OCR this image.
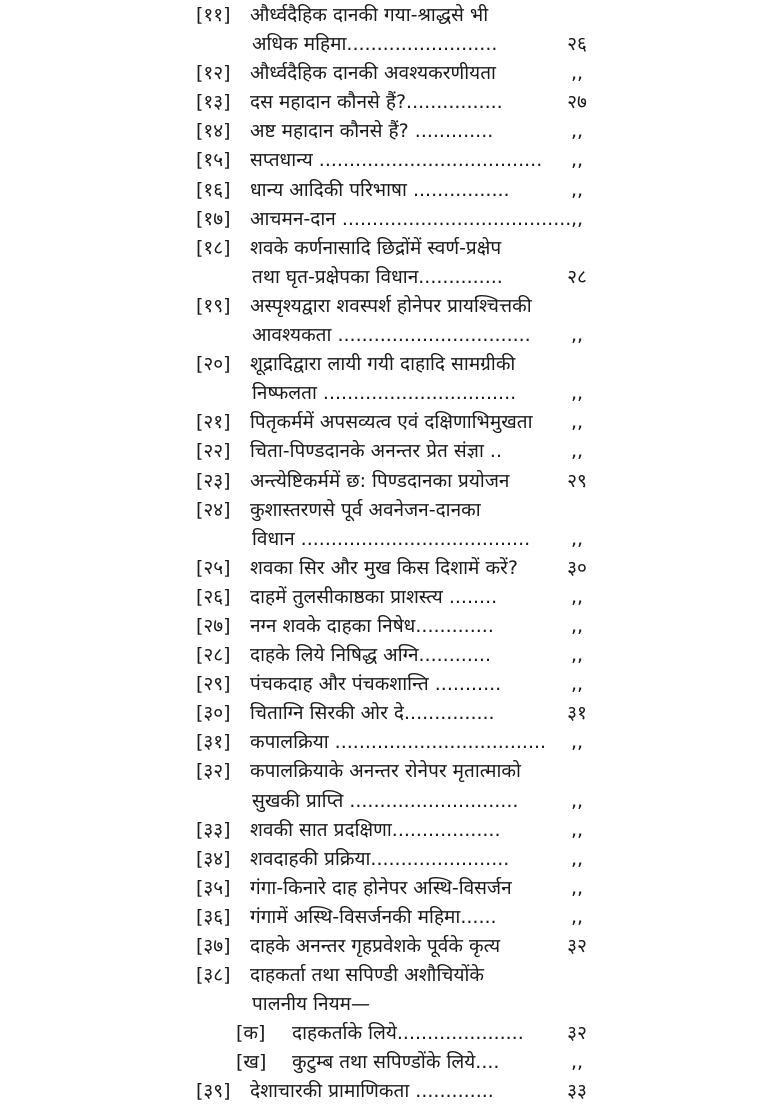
[११] और्ध्वदैहिक दानकी गया-श्राद्धसे भी
अधिक महिमा.........................	२६
[१२] और्ध्वदैहिक दानकी अवश्यकरणीयता	,,
[१३] दस महादान कौनसे हैं?................	२७
[१४] अष्ट महादान कौनसे हैं? .............	,,
[१५] सप्तधान्य .....................................	,,
[१६] धान्य आदिकी परिभाषा ................	,,
[१७] आचमन-दान ...................................... ,,
[१८] शवके कर्णनासादि छिद्रोंमें स्वर्ण-प्रक्षेप
तथा घृत-प्रक्षेपका विधान..............	२८
[१९] अस्पृश्यद्वारा शवस्पर्श होनेपर प्रायश्चित्तकी
आवश्यकता ................................	,,
[२०] शूद्रादिद्वारा लायी गयी दाहादि सामग्रीकी
निष्फलता ................................	,,
[२१] पितृकर्ममें अपसव्यत्व एवं दक्षिणाभिमुखता	,,
[२२] चिता-पिण्डदानके अनन्तर प्रेत संज्ञा ..	,,
[२३] अन्त्येष्टिकर्ममें छ: पिण्डदानका प्रयोजन	२९
[२४] कुशास्तरणसे पूर्व अवनेजन-दानका
विधान ......................................	,,
[२५] शवका सिर और मुख किस दिशामें करें?	३०
[२६] दाहमें तुलसीकाष्ठका प्राशस्त्य ........	,,
[२७] नग्न शवके दाहका निषेध.............	,,
[२८] दाहके लिये निषिद्ध अग्नि............	,,
[२९] पंचकदाह और पंचकशान्ति ...........	,,
[३०] चिताग्नि सिरकी ओर दे...............	३१
[३१] कपालक्रिया ...................................	,,
[३२] कपालक्रियाके अनन्तर रोनेपर मृतात्माको
सुखकी प्राप्ति ............................	,,
[३३] शवकी सात प्रदक्षिणा..................	,,
[३४] शवदाहकी प्रक्रिया.......................	,,
[३५] गंगा-किनारे दाह होनेपर अस्थि-विसर्जन	,,
[३६] गंगामें अस्थि-विसर्जनकी महिमा......	,,
[३७] दाहके अनन्तर गृहप्रवेशके पूर्वके कृत्य	३२
[३८] दाहकर्ता तथा सपिण्डी अशौचियोंके
पालनीय नियम—
[क] दाहकर्ताके लिये..................... ३२
[ख] कुटुम्ब तथा सपिण्डोंके लिये....	,,
[३९] देशाचारकी प्रामाणिकता .............	३३
